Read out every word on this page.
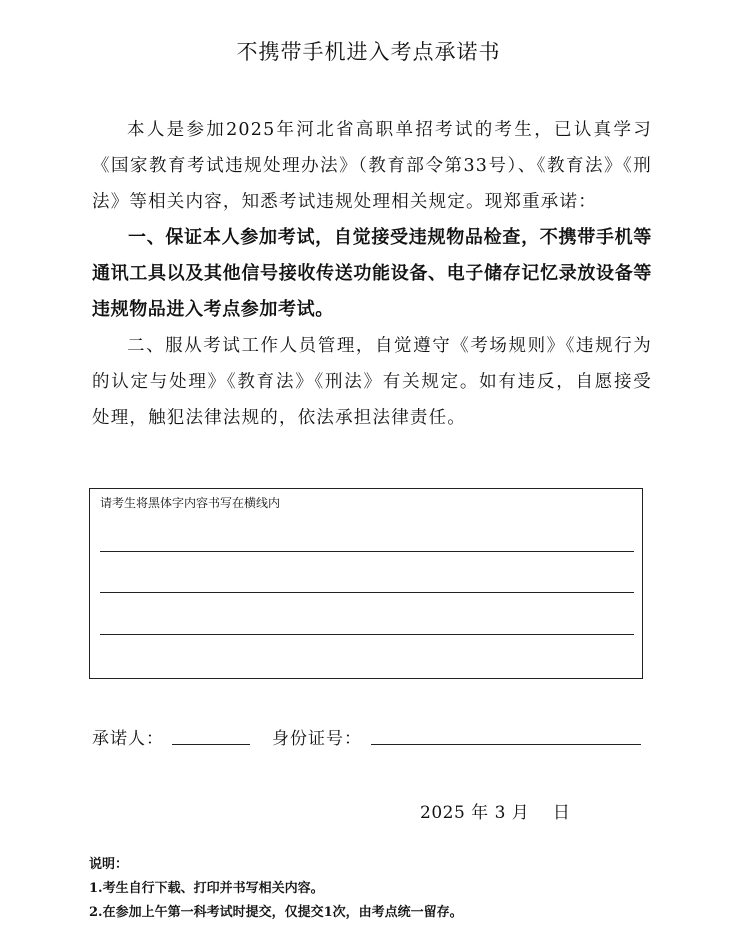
不携带手机进入考点承诺书

本人是参加2025年河北省高职单招考试的考生，已认真学习《国家教育考试违规处理办法》（教育部令第33号）、《教育法》《刑法》等相关内容，知悉考试违规处理相关规定。现郑重承诺：

一、保证本人参加考试，自觉接受违规物品检查，不携带手机等通讯工具以及其他信号接收传送功能设备、电子储存记忆录放设备等违规物品进入考点参加考试。

二、服从考试工作人员管理，自觉遵守《考场规则》《违规行为的认定与处理》《教育法》《刑法》有关规定。如有违反，自愿接受处理，触犯法律法规的，依法承担法律责任。

请考生将黑体字内容书写在横线内
承诺人：	身份证号：
2025 年 3 月    日
说明：
1.考生自行下载、打印并书写相关内容。
2.在参加上午第一科考试时提交，仅提交1次，由考点统一留存。
